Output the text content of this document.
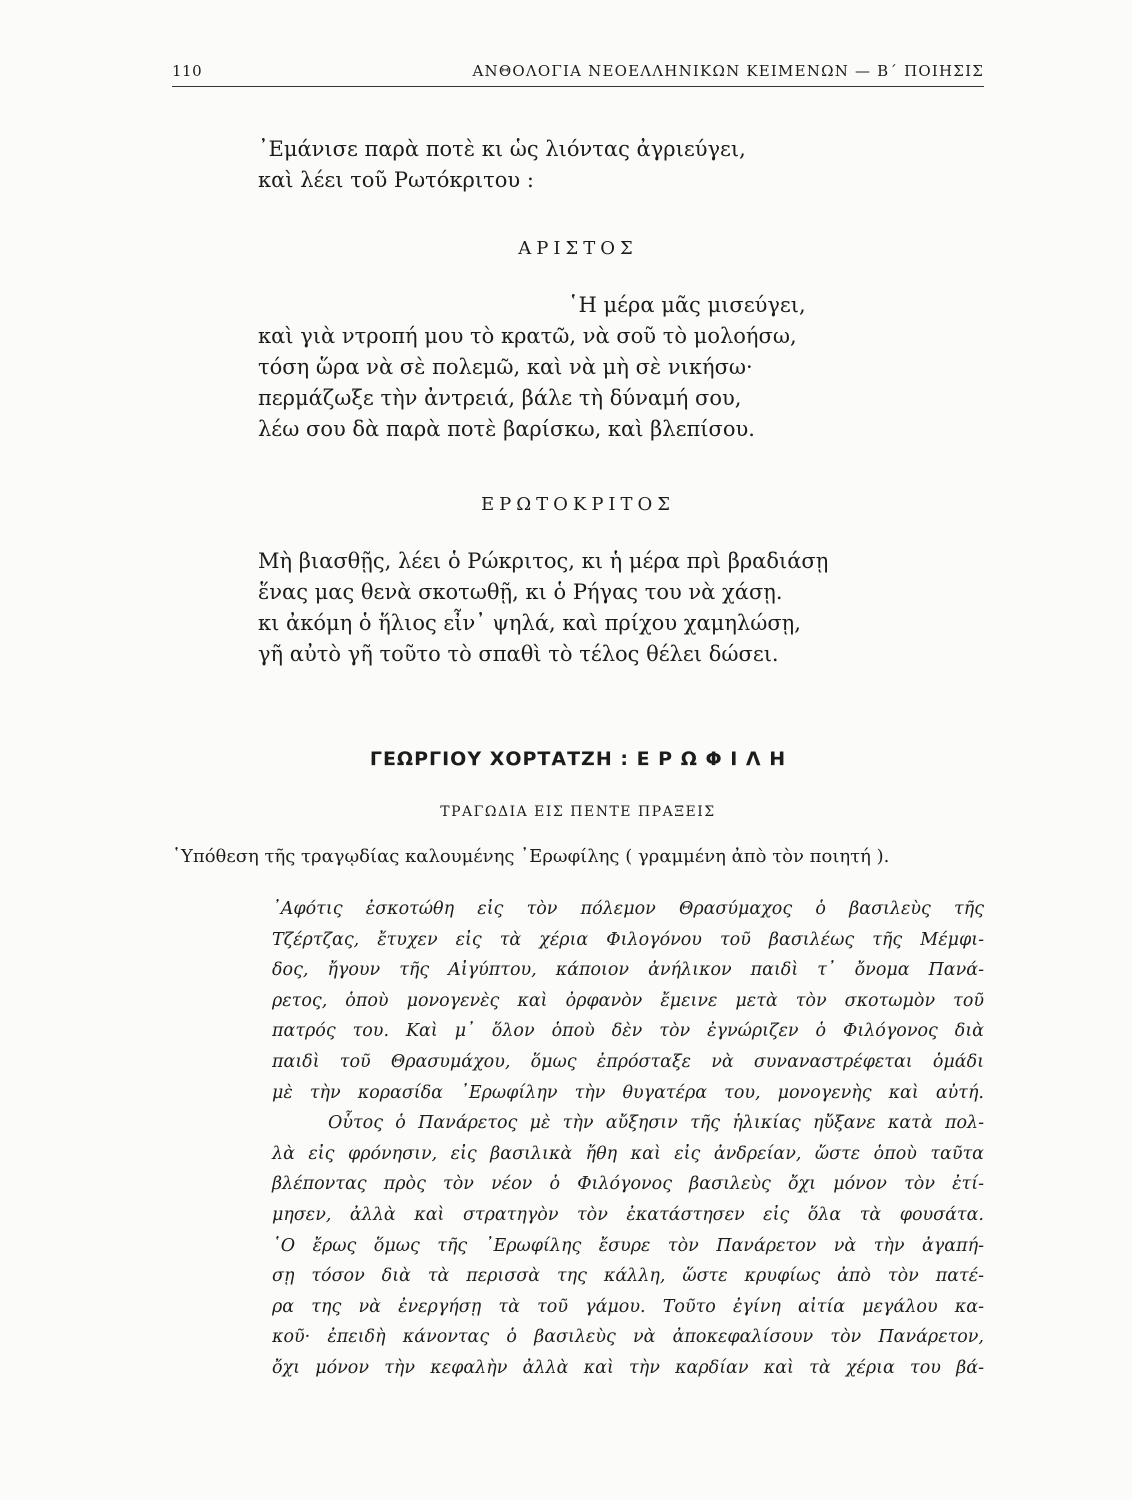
110	ΑΝΘΟΛΟΓΙΑ ΝΕΟΕΛΛΗΝΙΚΩΝ ΚΕΙΜΕΝΩΝ — Β΄ ΠΟΙΗΣΙΣ
᾿Εμάνισε παρὰ ποτὲ κι ὡς λιόντας ἀγριεύγει,
καὶ λέει τοῦ Ρωτόκριτου :
ΑΡΙΣΤΟΣ
῾Η μέρα μᾶς μισεύγει,
καὶ γιὰ ντροπή μου τὸ κρατῶ, νὰ σοῦ τὸ μολοήσω,
τόση ὥρα νὰ σὲ πολεμῶ, καὶ νὰ μὴ σὲ νικήσω·
περμάζωξε τὴν ἀντρειά, βάλε τὴ δύναμή σου,
λέω σου δὰ παρὰ ποτὲ βαρίσκω, καὶ βλεπίσου.
ΕΡΩΤΟΚΡΙΤΟΣ
Μὴ βιασθῇς, λέει ὁ Ρώκριτος, κι ἡ μέρα πρὶ βραδιάσῃ
ἕνας μας θενὰ σκοτωθῇ, κι ὁ Ρήγας του νὰ χάσῃ.
κι ἀκόμη ὁ ἥλιος εἶν᾿ ψηλά, καὶ πρίχου χαμηλώσῃ,
γῆ αὐτὸ γῆ τοῦτο τὸ σπαθὶ τὸ τέλος θέλει δώσει.
ΓΕΩΡΓΙΟΥ ΧΟΡΤΑΤΖΗ : Ε Ρ Ω Φ Ι Λ Η
ΤΡΑΓΩΔΙΑ ΕΙΣ ΠΕΝΤΕ ΠΡΑΞΕΙΣ
῾Υπόθεση τῆς τραγῳδίας καλουμένης ᾿Ερωφίλης ( γραμμένη ἀπὸ τὸν ποιητή ).
᾿Αφότις ἐσκοτώθη εἰς τὸν πόλεμον Θρασύμαχος ὁ βασιλεὺς τῆς
Τζέρτζας, ἔτυχεν εἰς τὰ χέρια Φιλογόνου τοῦ βασιλέως τῆς Μέμφι-
δος, ἤγουν τῆς Αἰγύπτου, κάποιον ἀνήλικον παιδὶ τ᾿ ὄνομα Πανά-
ρετος, ὁποὺ μονογενὲς καὶ ὀρφανὸν ἔμεινε μετὰ τὸν σκοτωμὸν τοῦ
πατρός του. Καὶ μ᾿ ὅλον ὁποὺ δὲν τὸν ἐγνώριζεν ὁ Φιλόγονος διὰ
παιδὶ τοῦ Θρασυμάχου, ὅμως ἐπρόσταξε νὰ συναναστρέφεται ὁμάδι
μὲ τὴν κορασίδα ᾿Ερωφίλην τὴν θυγατέρα του, μονογενὴς καὶ αὐτή.
Οὗτος ὁ Πανάρετος μὲ τὴν αὔξησιν τῆς ἡλικίας ηὔξανε κατὰ πολ-
λὰ εἰς φρόνησιν, εἰς βασιλικὰ ἤθη καὶ εἰς ἀνδρείαν, ὥστε ὁποὺ ταῦτα
βλέποντας πρὸς τὸν νέον ὁ Φιλόγονος βασιλεὺς ὄχι μόνον τὸν ἐτί-
μησεν, ἀλλὰ καὶ στρατηγὸν τὸν ἐκατάστησεν εἰς ὅλα τὰ φουσάτα.
῾Ο ἔρως ὅμως τῆς ᾿Ερωφίλης ἔσυρε τὸν Πανάρετον νὰ τὴν ἀγαπή-
σῃ τόσον διὰ τὰ περισσὰ της κάλλη, ὥστε κρυφίως ἀπὸ τὸν πατέ-
ρα της νὰ ἐνεργήσῃ τὰ τοῦ γάμου. Τοῦτο ἐγίνη αἰτία μεγάλου κα-
κοῦ· ἐπειδὴ κάνοντας ὁ βασιλεὺς νὰ ἀποκεφαλίσουν τὸν Πανάρετον,
ὄχι μόνον τὴν κεφαλὴν ἀλλὰ καὶ τὴν καρδίαν καὶ τὰ χέρια του βά-
